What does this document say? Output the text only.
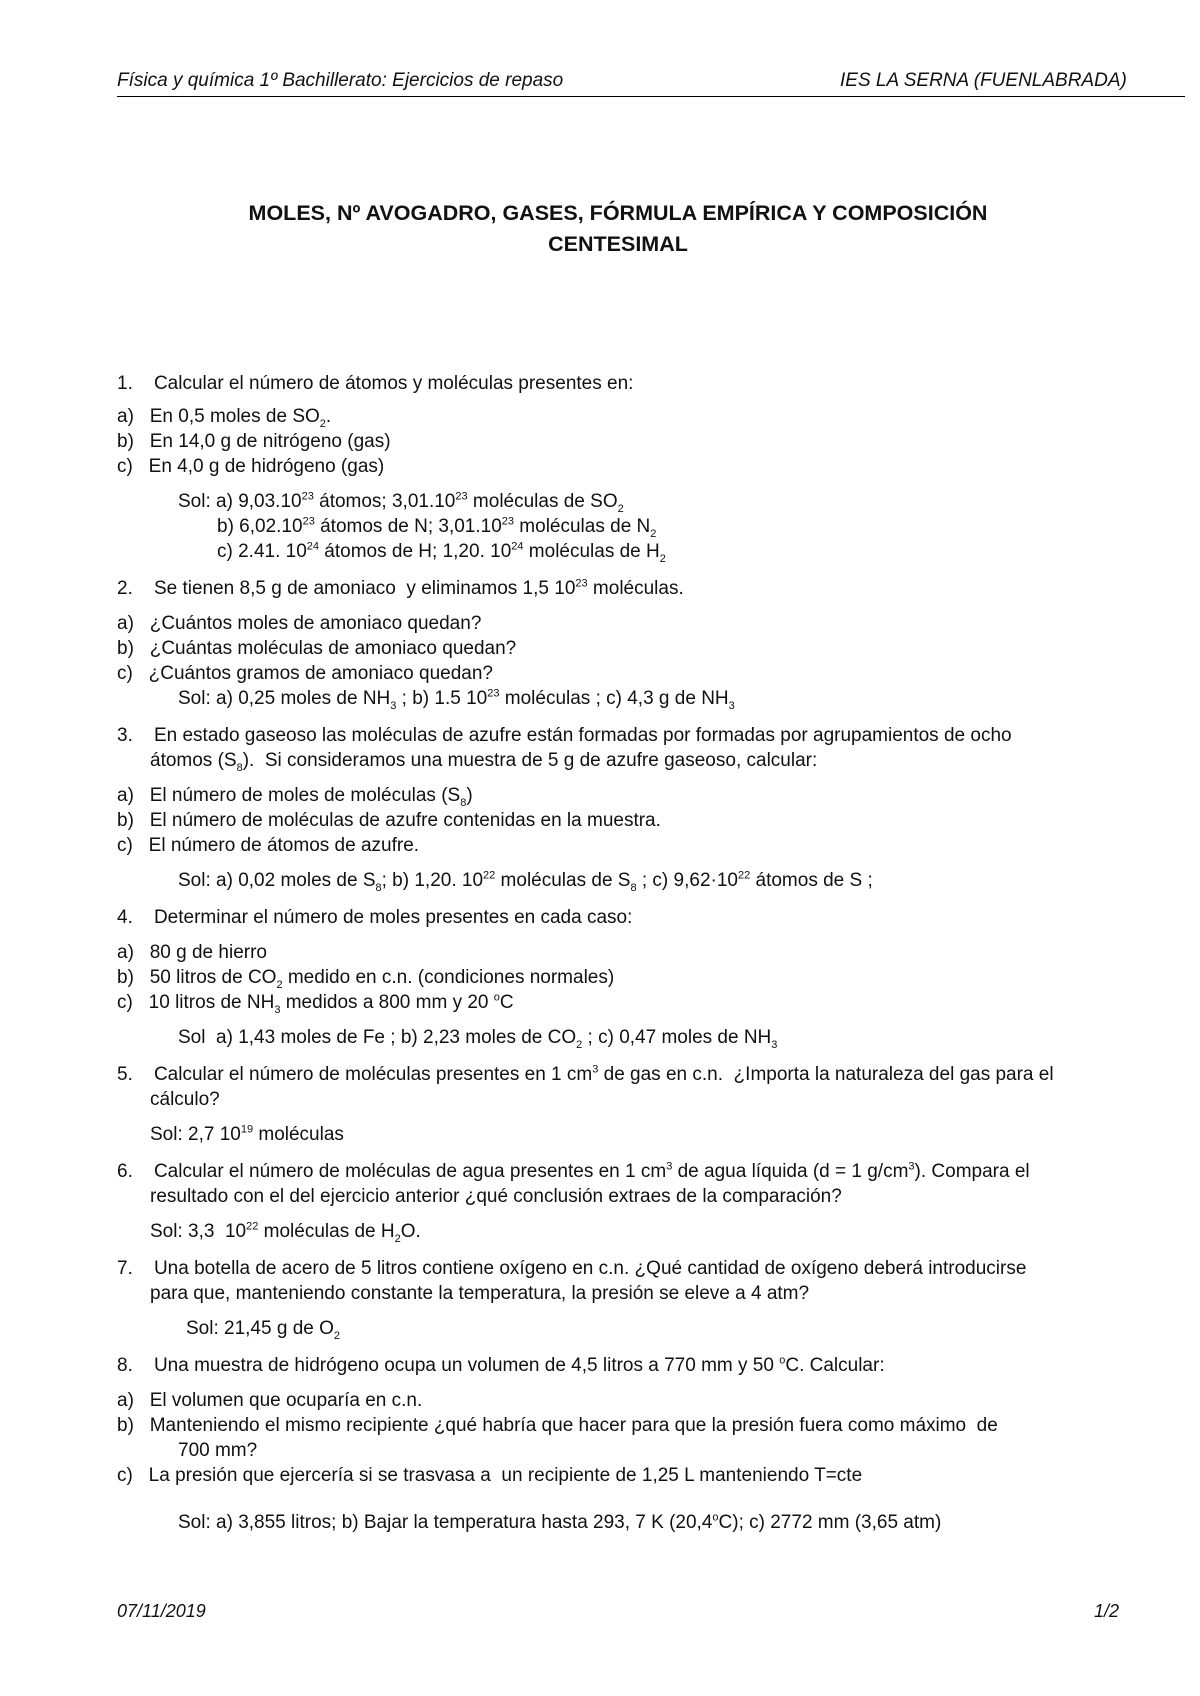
Física y química 1º Bachillerato: Ejercicios de repaso	IES LA SERNA (FUENLABRADA)
MOLES, Nº AVOGADRO, GASES, FÓRMULA EMPÍRICA Y COMPOSICIÓN
CENTESIMAL
1.    Calcular el número de átomos y moléculas presentes en:
a)   En 0,5 moles de $SO_2$.
b)   En 14,0 g de nitrógeno (gas)
c)   En 4,0 g de hidrógeno (gas)
Sol: a) 9,03.10$^{23}$ átomos; 3,01.10$^{23}$ moléculas de $SO_2$
b) 6,02.10$^{23}$ átomos de N; 3,01.10$^{23}$ moléculas de $N_2$
c) 2.41. $10^{24}$ átomos de H; 1,20. $10^{24}$ moléculas de $H_2$
2.    Se tienen 8,5 g de amoniaco  y eliminamos 1,5 $10^{23}$ moléculas.
a)   ¿Cuántos moles de amoniaco quedan?
b)   ¿Cuántas moléculas de amoniaco quedan?
c)   ¿Cuántos gramos de amoniaco quedan?
Sol: a) 0,25 moles de $NH_3$ ; b) 1.5 $10^{23}$ moléculas ; c) 4,3 g de $NH_3$
3.    En estado gaseoso las moléculas de azufre están formadas por formadas por agrupamientos de ocho
átomos $(S_8)$.  Si consideramos una muestra de 5 g de azufre gaseoso, calcular:
a)   El número de moles de moléculas $(S_8)$
b)   El número de moléculas de azufre contenidas en la muestra.
c)   El número de átomos de azufre.
Sol: a) 0,02 moles de $S_8$; b) 1,20. $10^{22}$ moléculas de $S_8$ ; c) $9,62\cdot 10^{22}$ átomos de S ;
4.    Determinar el número de moles presentes en cada caso:
a)   80 g de hierro
b)   50 litros de $CO_2$ medido en c.n. (condiciones normales)
c)   10 litros de $NH_3$ medidos a 800 mm y 20 $^o$C
Sol  a) 1,43 moles de Fe ; b) 2,23 moles de $CO_2$ ; c) 0,47 moles de $NH_3$
5.    Calcular el número de moléculas presentes en 1 $cm^3$ de gas en c.n.  ¿Importa la naturaleza del gas para el
cálculo?
Sol: 2,7 $10^{19}$ moléculas
6.    Calcular el número de moléculas de agua presentes en 1 $cm^3$ de agua líquida (d = 1 $g/cm^3$). Compara el
resultado con el del ejercicio anterior ¿qué conclusión extraes de la comparación?
Sol: 3,3  $10^{22}$ moléculas de $H_2O$.
7.    Una botella de acero de 5 litros contiene oxígeno en c.n. ¿Qué cantidad de oxígeno deberá introducirse
para que, manteniendo constante la temperatura, la presión se eleve a 4 atm?
Sol: 21,45 g de $O_2$
8.    Una muestra de hidrógeno ocupa un volumen de 4,5 litros a 770 mm y 50 $^o$C. Calcular:
a)   El volumen que ocuparía en c.n.
b)   Manteniendo el mismo recipiente ¿qué habría que hacer para que la presión fuera como máximo  de
700 mm?
c)   La presión que ejercería si se trasvasa a  un recipiente de 1,25 L manteniendo T=cte
Sol: a) 3,855 litros; b) Bajar la temperatura hasta 293, 7 K (20,4$^o$C); c) 2772 mm (3,65 atm)
07/11/2019	1/2
